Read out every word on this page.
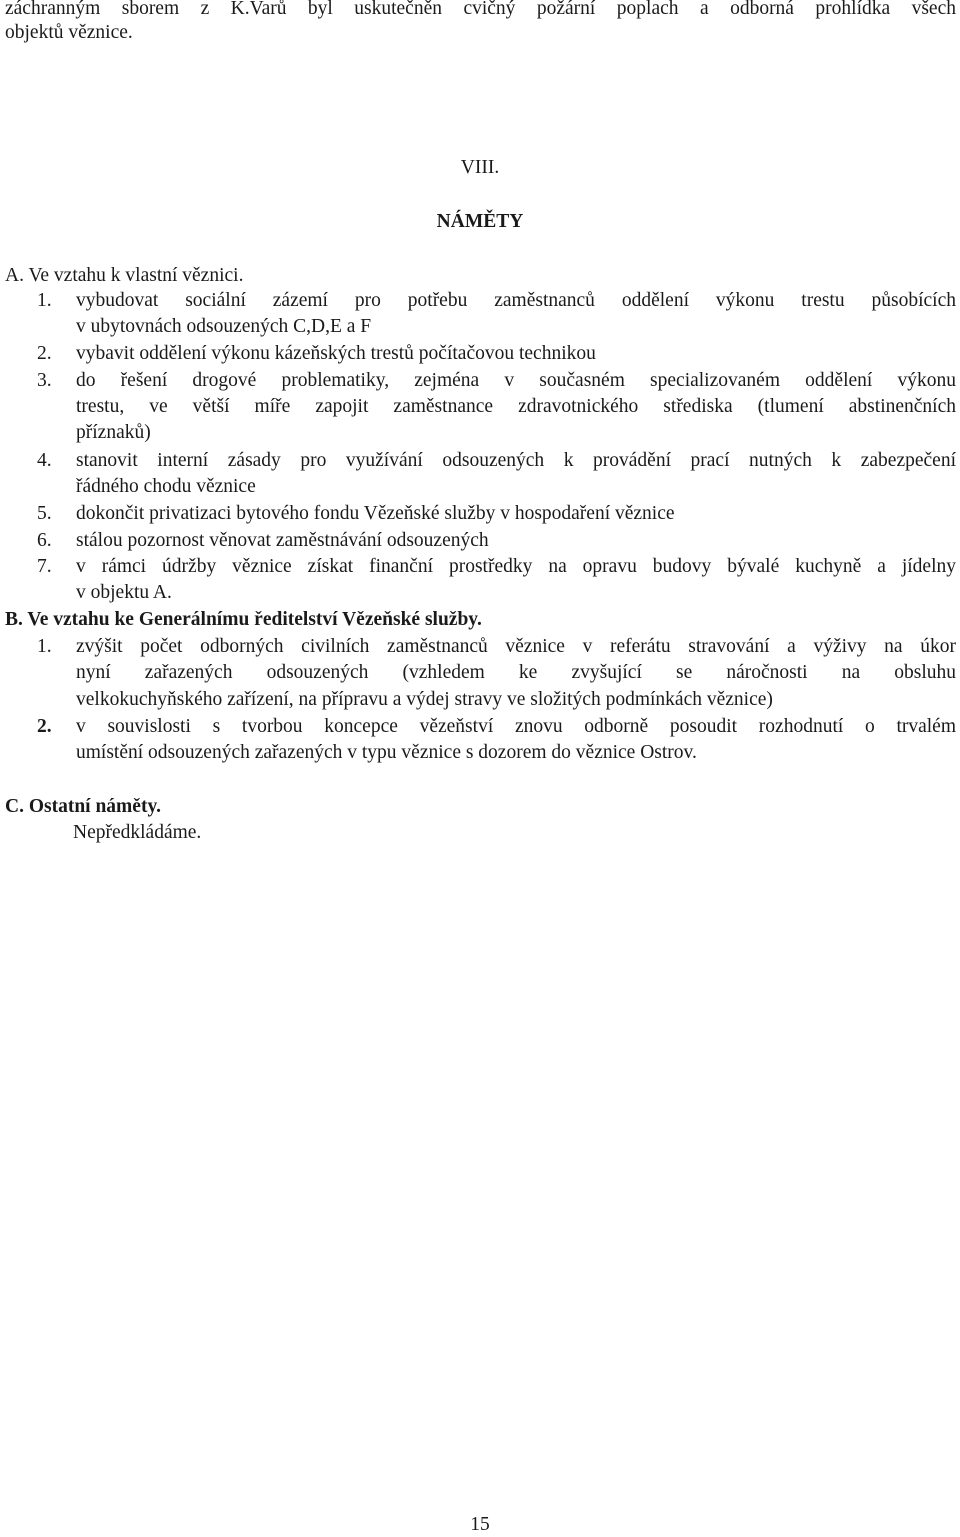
záchranným sborem z K.Varů byl uskutečněn cvičný požární poplach a odborná prohlídka všech
objektů věznice.
VIII.
NÁMĚTY
A. Ve vztahu k vlastní věznici.
1. vybudovat sociální zázemí pro potřebu zaměstnanců oddělení výkonu trestu působících
v ubytovnách odsouzených C,D,E a F
2. vybavit oddělení výkonu kázeňských trestů počítačovou technikou
3. do řešení drogové problematiky, zejména v současném specializovaném oddělení výkonu
trestu, ve větší míře zapojit zaměstnance zdravotnického střediska (tlumení abstinenčních
příznaků)
4. stanovit interní zásady pro využívání odsouzených k provádění prací nutných k zabezpečení
řádného chodu věznice
5. dokončit privatizaci bytového fondu Vězeňské služby v hospodaření věznice
6. stálou pozornost věnovat zaměstnávání odsouzených
7. v rámci údržby věznice získat finanční prostředky na opravu budovy bývalé kuchyně a jídelny
v objektu A.
B. Ve vztahu ke Generálnímu ředitelství Vězeňské služby.
1. zvýšit počet odborných civilních zaměstnanců věznice v referátu stravování a výživy na úkor
nyní zařazených odsouzených (vzhledem ke zvyšující se náročnosti na obsluhu
velkokuchyňského zařízení, na přípravu a výdej stravy ve složitých podmínkách věznice)
2. v souvislosti s tvorbou koncepce vězeňství znovu odborně posoudit rozhodnutí o trvalém
umístění odsouzených zařazených v typu věznice s dozorem do věznice Ostrov.
C. Ostatní náměty.
Nepředkládáme.
15
